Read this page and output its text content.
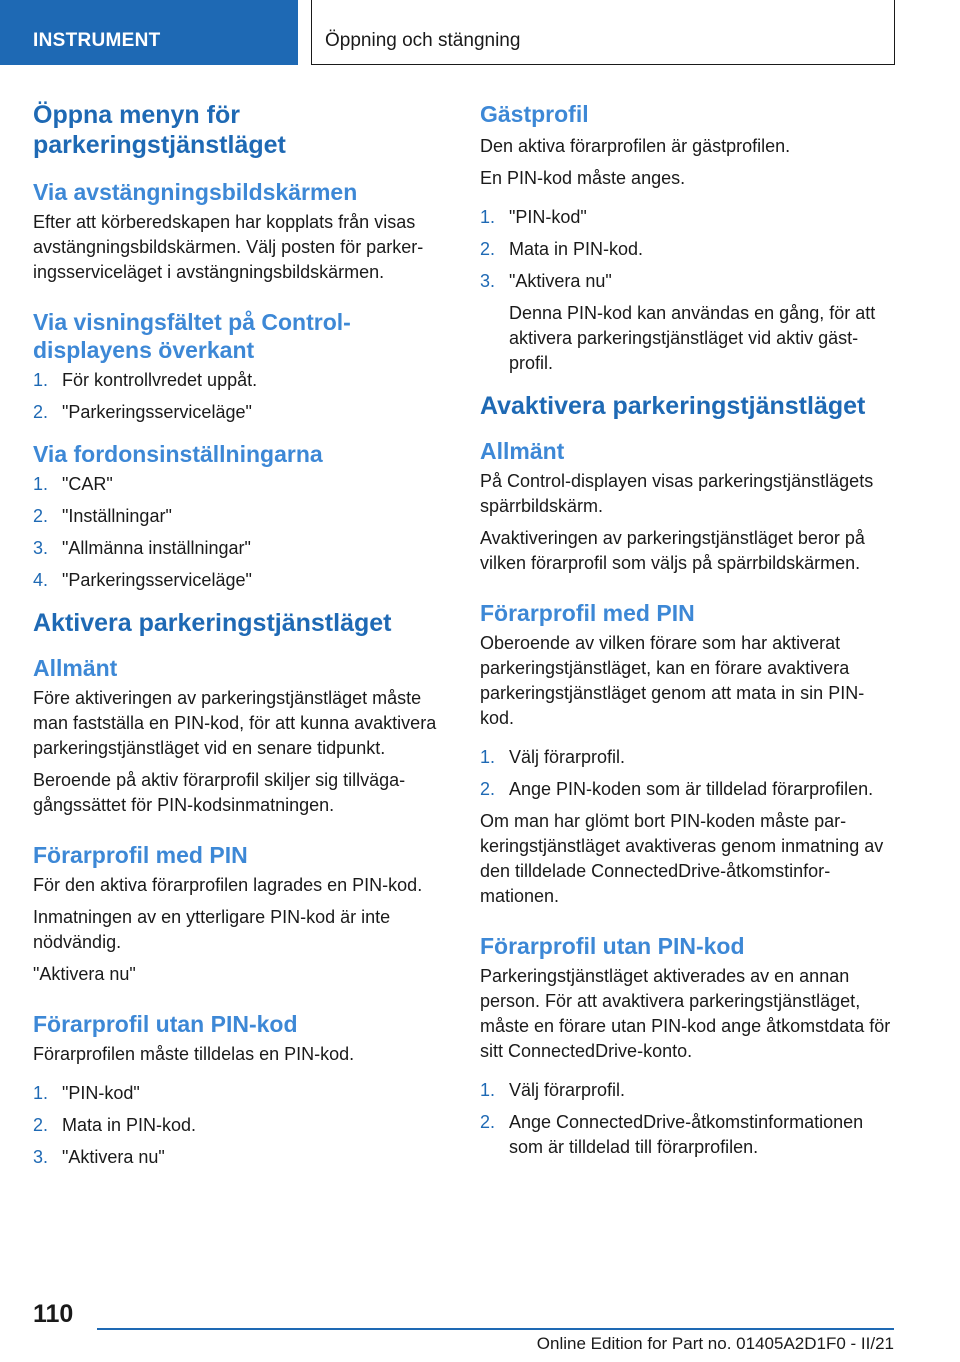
INSTRUMENT	Öppning och stängning
Öppna menyn för parkeringstjänstläget
Via avstängningsbildskärmen

Efter att körberedskapen har kopplats från visas avstängningsbildskärmen. Välj posten för parkeringsserviceläget i avstängningsbildskärmen.

Via visningsfältet på Control-displayens överkant
1. För kontrollvredet uppåt.
2. "Parkeringsserviceläge"
Via fordonsinställningarna
1. "CAR"
2. "Inställningar"
3. "Allmänna inställningar"
4. "Parkeringsserviceläge"
Aktivera parkeringstjänstläget
Allmänt

Före aktiveringen av parkeringstjänstläget måste man fastställa en PIN-kod, för att kunna avaktivera parkeringstjänstläget vid en senare tidpunkt.

Beroende på aktiv förarprofil skiljer sig tillvägagångssättet för PIN-kodsinmatningen.

Förarprofil med PIN

För den aktiva förarprofilen lagrades en PIN-kod.

Inmatningen av en ytterligare PIN-kod är inte nödvändig.

"Aktivera nu"

Förarprofil utan PIN-kod

Förarprofilen måste tilldelas en PIN-kod.

1. "PIN-kod"
2. Mata in PIN-kod.
3. "Aktivera nu"
Gästprofil

Den aktiva förarprofilen är gästprofilen.

En PIN-kod måste anges.

1. "PIN-kod"
2. Mata in PIN-kod.
3. "Aktivera nu"
Denna PIN-kod kan användas en gång, för att aktivera parkeringstjänstläget vid aktiv gästprofil.
Avaktivera parkeringstjänstläget
Allmänt

På Control-displayen visas parkeringstjänstlägets spärrbildskärm.

Avaktiveringen av parkeringstjänstläget beror på vilken förarprofil som väljs på spärrbildskärmen.

Förarprofil med PIN

Oberoende av vilken förare som har aktiverat parkeringstjänstläget, kan en förare avaktivera parkeringstjänstläget genom att mata in sin PIN-kod.

1. Välj förarprofil.
2. Ange PIN-koden som är tilldelad förarprofilen.

Om man har glömt bort PIN-koden måste parkeringstjänstläget avaktiveras genom inmatning av den tilldelade ConnectedDrive-åtkomstinformationen.

Förarprofil utan PIN-kod

Parkeringstjänstläget aktiverades av en annan person. För att avaktivera parkeringstjänstläget, måste en förare utan PIN-kod ange åtkomstdata för sitt ConnectedDrive-konto.

1. Välj förarprofil.
2. Ange ConnectedDrive-åtkomstinformationen som är tilldelad till förarprofilen.
110
Online Edition for Part no. 01405A2D1F0 - II/21
